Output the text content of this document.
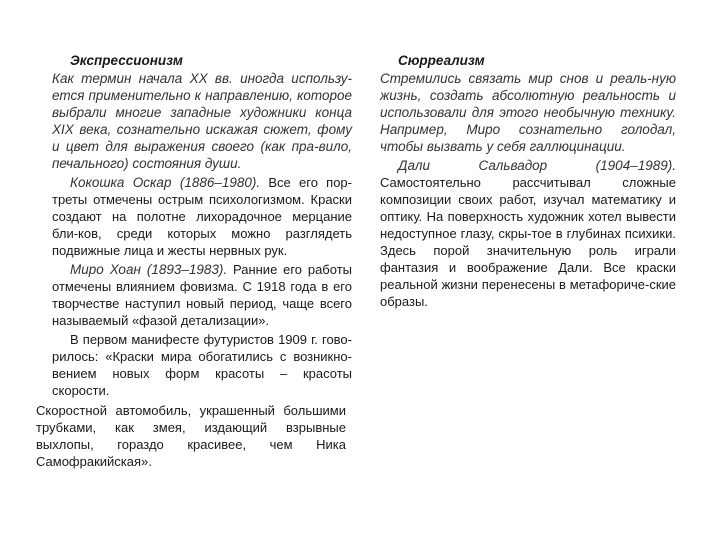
Экспрессионизм

Как термин начала XX вв. иногда использу-ется применительно к направлению, которое выбрали многие западные художники конца XIX века, сознательно искажая сюжет, фому и цвет для выражения своего (как пра-вило, печального) состояния души.

Кокошка Оскар (1886–1980). Все его пор-треты отмечены острым психологизмом. Краски создают на полотне лихорадочное мерцание бли-ков, среди которых можно разглядеть подвижные лица и жесты нервных рук.

Миро Хоан (1893–1983). Ранние его работы отмечены влиянием фовизма. С 1918 года в его творчестве наступил новый период, чаще всего называемый «фазой детализации».

В первом манифесте футуристов 1909 г. гово-рилось: «Краски мира обогатились с возникно-вением новых форм красоты – красоты скорости.

Скоростной автомобиль, украшенный большими трубками, как змея, издающий взрывные выхлопы, гораздо красивее, чем Ника Самофракийская».

Сюрреализм

Стремились связать мир снов и реаль-ную жизнь, создать абсолютную реальность и использовали для этого необычную технику. Например, Миро сознательно голодал, чтобы вызвать у себя галлюцинации.

Дали Сальвадор (1904–1989). Самостоятельно рассчитывал сложные композиции своих работ, изучал математику и оптику. На поверхность художник хотел вывести недоступное глазу, скры-тое в глубинах психики. Здесь порой значительную роль играли фантазия и воображение Дали. Все краски реальной жизни перенесены в метафориче-ские образы.
